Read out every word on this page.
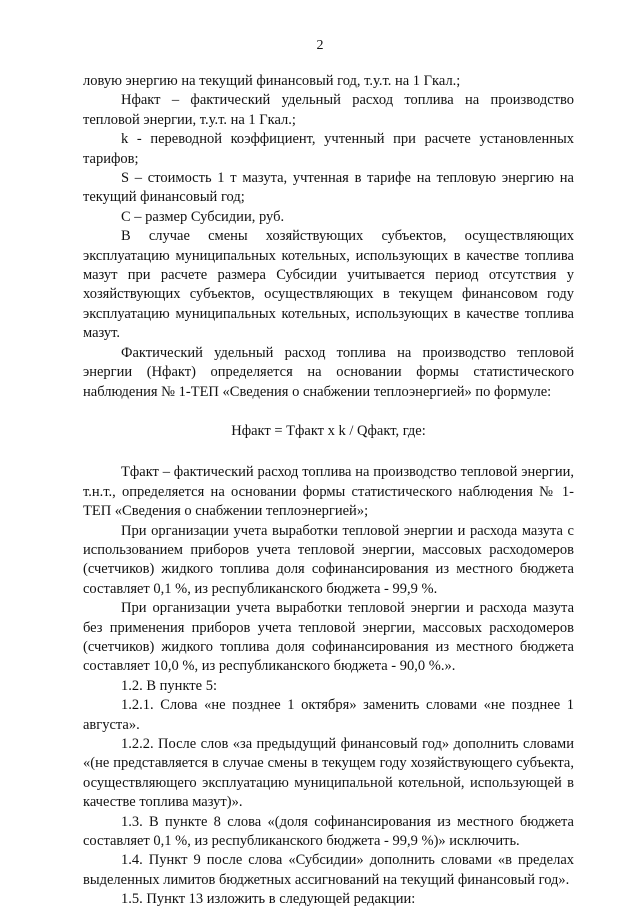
2

ловую энергию на текущий финансовый год, т.у.т. на 1 Гкал.;

Нфакт – фактический удельный расход топлива на производство тепловой энергии, т.у.т. на 1 Гкал.;

k - переводной коэффициент, учтенный при расчете установленных тарифов;

S – стоимость 1 т мазута, учтенная в тарифе на тепловую энергию на текущий финансовый год;

С – размер Субсидии, руб.

В случае смены хозяйствующих субъектов, осуществляющих эксплуатацию муниципальных котельных, использующих в качестве топлива мазут при расчете размера Субсидии учитывается период отсутствия у хозяйствующих субъектов, осуществляющих в текущем финансовом году эксплуатацию муниципальных котельных, использующих в качестве топлива мазут.

Фактический удельный расход топлива на производство тепловой энергии (Нфакт) определяется на основании формы статистического наблюдения № 1-ТЕП «Сведения о снабжении теплоэнергией» по формуле:

Нфакт = Тфакт x k / Qфакт, где:

Тфакт – фактический расход топлива на производство тепловой энергии, т.н.т., определяется на основании формы статистического наблюдения № 1-ТЕП «Сведения о снабжении теплоэнергией»;

При организации учета выработки тепловой энергии и расхода мазута с использованием приборов учета тепловой энергии, массовых расходомеров (счетчиков) жидкого топлива доля софинансирования из местного бюджета составляет 0,1 %, из республиканского бюджета - 99,9 %.

При организации учета выработки тепловой энергии и расхода мазута без применения приборов учета тепловой энергии, массовых расходомеров (счетчиков) жидкого топлива доля софинансирования из местного бюджета составляет 10,0 %, из республиканского бюджета - 90,0 %.».

1.2. В пункте 5:

1.2.1. Слова «не позднее 1 октября» заменить словами «не позднее 1 августа».

1.2.2. После слов «за предыдущий финансовый год» дополнить словами «(не представляется в случае смены в текущем году хозяйствующего субъекта, осуществляющего эксплуатацию муниципальной котельной, использующей в качестве топлива мазут)».

1.3. В пункте 8 слова «(доля софинансирования из местного бюджета составляет 0,1 %, из республиканского бюджета - 99,9 %)» исключить.

1.4. Пункт 9 после слова «Субсидии» дополнить словами «в пределах выделенных лимитов бюджетных ассигнований на текущий финансовый год».

1.5. Пункт 13 изложить в следующей редакции:
